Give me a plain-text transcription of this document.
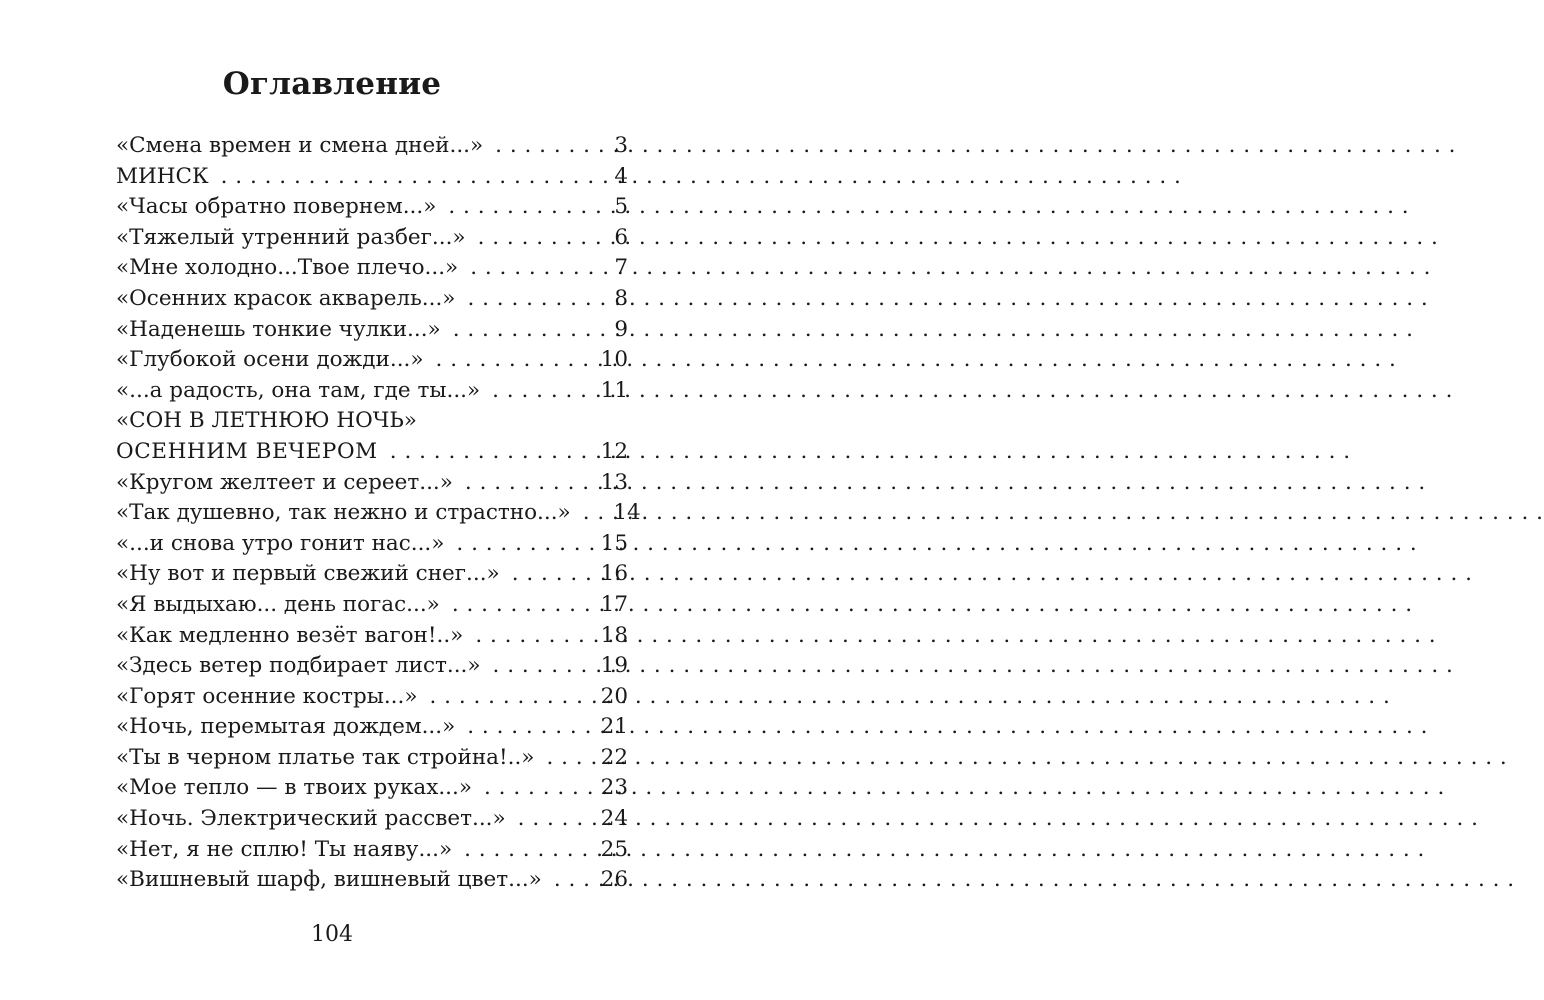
Оглавление
«Смена времен и смена дней...» . . .	3
МИНСК . . .	4
«Часы обратно повернем...» . . .	5
«Тяжелый утренний разбег...» . . .	6
«Мне холодно...Твое плечо...» . . .	7
«Осенних красок акварель...» . . .	8
«Наденешь тонкие чулки...» . . .	9
«Глубокой осени дожди...» . . .	10
«...а радость, она там, где ты...» . . .	11
«СОН В ЛЕТНЮЮ НОЧЬ»
ОСЕННИМ ВЕЧЕРОМ . . .	12
«Кругом желтеет и сереет...» . . .	13
«Так душевно, так нежно и страстно...» . . . 14
«...и снова утро гонит нас...» . . .	15
«Ну вот и первый свежий снег...» . . .	16
«Я выдыхаю... день погас...» . . .	17
«Как медленно везёт вагон!..» . . .	18
«Здесь ветер подбирает лист...» . . .	19
«Горят осенние костры...» . . .	20
«Ночь, перемытая дождем...» . . .	21
«Ты в черном платье так стройна!..» . . .	22
«Мое тепло — в твоих руках...» . . .	23
«Ночь. Электрический рассвет...» . . .	24
«Нет, я не сплю! Ты наяву...» . . .	25
«Вишневый шарф, вишневый цвет...» . . .	26
104
